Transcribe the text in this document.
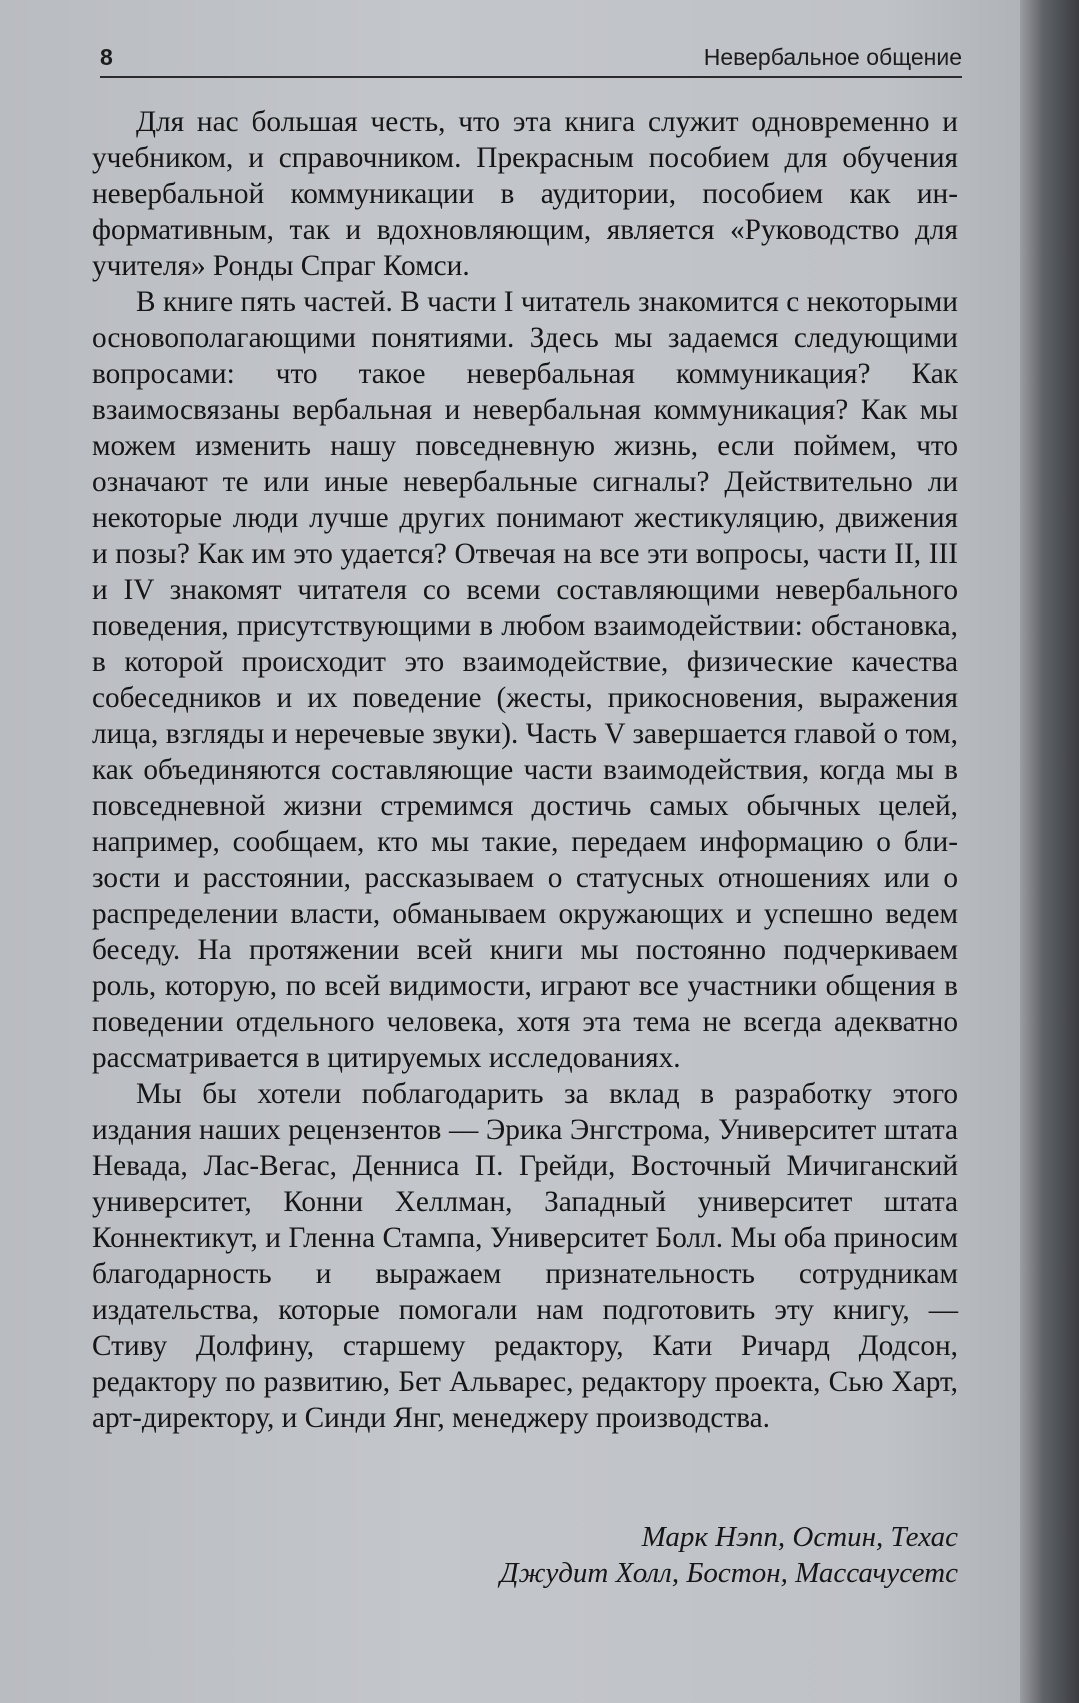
8	Невербальное общение

Для нас большая честь, что эта книга служит одновременно и учебником, и справочником. Прекрасным пособием для обучения невербальной коммуникации в аудитории, пособием как информативным, так и вдохновляющим, является «Руководство для учителя» Ронды Спраг Комси.

В книге пять частей. В части I читатель знакомится с некоторыми основополагающими понятиями. Здесь мы задаемся следующими вопросами: что такое невербальная коммуникация? Как взаимосвязаны вербальная и невербальная коммуникация? Как мы можем изменить нашу повседневную жизнь, если поймем, что означают те или иные невербальные сигналы? Действительно ли некоторые люди лучше других понимают жестикуляцию, движения и позы? Как им это удается? Отвечая на все эти вопросы, части II, III и IV знакомят читателя со всеми составляющими невербального поведения, присутствующими в любом взаимодействии: обстановка, в которой происходит это взаимодействие, физические качества собеседников и их поведение (жесты, прикосновения, выражения лица, взгляды и неречевые звуки). Часть V завершается главой о том, как объединяются составляющие части взаимодействия, когда мы в повседневной жизни стремимся достичь самых обычных целей, например, сообщаем, кто мы такие, передаем информацию о близости и расстоянии, рассказываем о статусных отношениях или о распределении власти, обманываем окружающих и успешно ведем беседу. На протяжении всей книги мы постоянно подчеркиваем роль, которую, по всей видимости, играют все участники общения в поведении отдельного человека, хотя эта тема не всегда адекватно рассматривается в цитируемых исследованиях.

Мы бы хотели поблагодарить за вклад в разработку этого издания наших рецензентов — Эрика Энгстрома, Университет штата Невада, Лас-Вегас, Денниса П. Грейди, Восточный Мичиганский университет, Конни Хеллман, Западный университет штата Коннектикут, и Гленна Стампа, Университет Болл. Мы оба приносим благодарность и выражаем признательность сотрудникам издательства, которые помогали нам подготовить эту книгу, — Стиву Долфину, старшему редактору, Кати Ричард Додсон, редактору по развитию, Бет Альварес, редактору проекта, Сью Харт, арт-директору, и Синди Янг, менеджеру производства.

Марк Нэпп, Остин, Техас
Джудит Холл, Бостон, Массачусетс
